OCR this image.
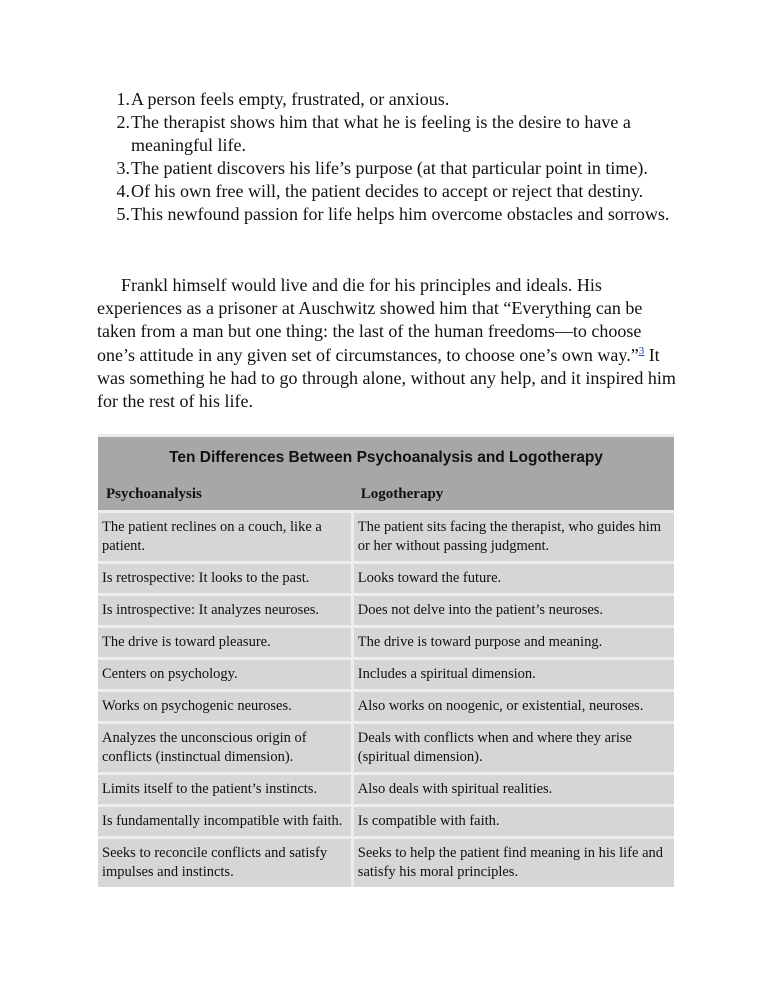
1. A person feels empty, frustrated, or anxious.
2. The therapist shows him that what he is feeling is the desire to have a meaningful life.
3. The patient discovers his life’s purpose (at that particular point in time).
4. Of his own free will, the patient decides to accept or reject that destiny.
5. This newfound passion for life helps him overcome obstacles and sorrows.

Frankl himself would live and die for his principles and ideals. His experiences as a prisoner at Auschwitz showed him that “Everything can be taken from a man but one thing: the last of the human freedoms—to choose one’s attitude in any given set of circumstances, to choose one’s own way.”$^3$ It was something he had to go through alone, without any help, and it inspired him for the rest of his life.

Ten Differences Between Psychoanalysis and Logotherapy	
Psychoanalysis	Logotherapy
The patient reclines on a couch, like a patient.	The patient sits facing the therapist, who guides him or her without passing judgment.
Is retrospective: It looks to the past.	Looks toward the future.
Is introspective: It analyzes neuroses.	Does not delve into the patient’s neuroses.
The drive is toward pleasure.	The drive is toward purpose and meaning.
Centers on psychology.	Includes a spiritual dimension.
Works on psychogenic neuroses.	Also works on noogenic, or existential, neuroses.
Analyzes the unconscious origin of conflicts (instinctual dimension).	Deals with conflicts when and where they arise (spiritual dimension).
Limits itself to the patient’s instincts.	Also deals with spiritual realities.
Is fundamentally incompatible with faith.	Is compatible with faith.
Seeks to reconcile conflicts and satisfy impulses and instincts.	Seeks to help the patient find meaning in his life and satisfy his moral principles.
